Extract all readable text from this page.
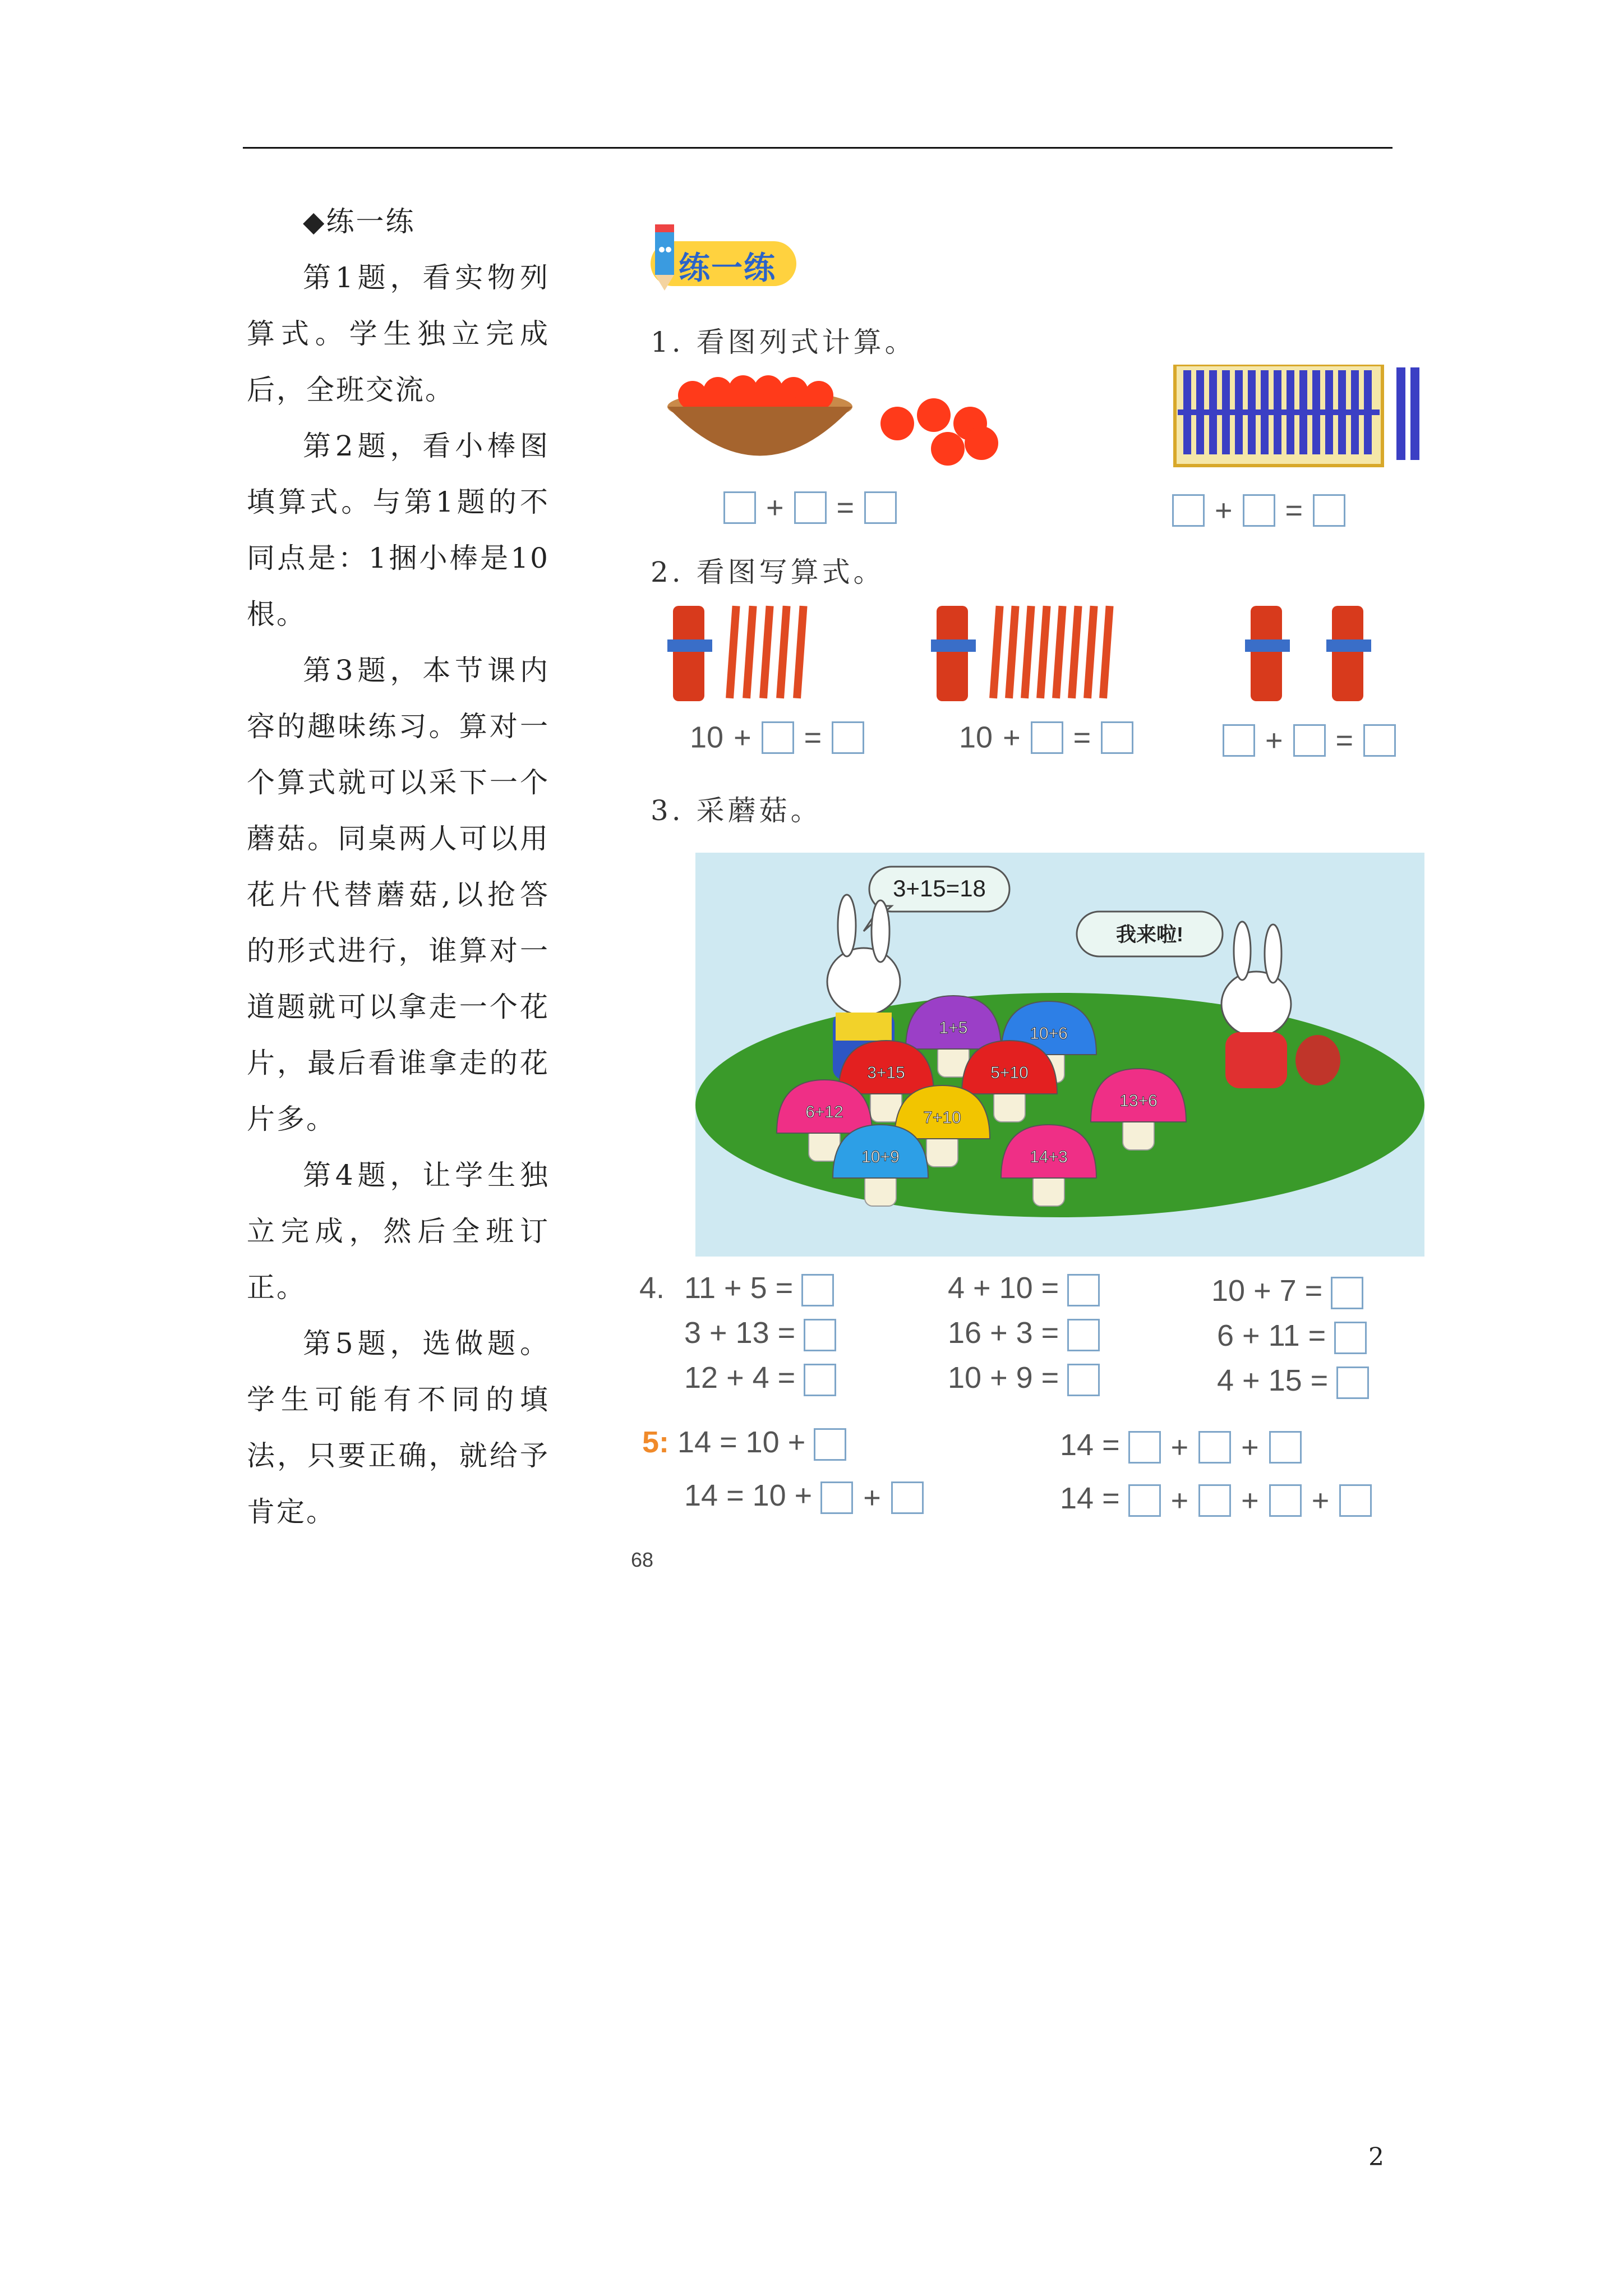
◆练一练

第1题，看实物列算式。学生独立完成后，全班交流。

第2题，看小棒图填算式。与第1题的不同点是：1捆小棒是10根。

第3题，本节课内容的趣味练习。算对一个算式就可以采下一个蘑菇。同桌两人可以用花片代替蘑菇,以抢答的形式进行，谁算对一道题就可以拿走一个花片，最后看谁拿走的花片多。

第4题，让学生独立完成，然后全班订正。

第5题，选做题。学生可能有不同的填法，只要正确，就给予肯定。

练一练
1. 看图列式计算。
+ =	+ =
2. 看图写算式。
10 + =	10 + =	+ =
3. 采蘑菇。
3+15=18
我来啦!
1+5	10+6
3+15	5+10
6+12	7+10
13+6
10+9	14+3
4. 11 + 5 =	4 + 10 =	10 + 7 =
3 + 13 =	16 + 3 =	6 + 11 =
12 + 4 =	10 + 9 =	4 + 15 =
5: 14 = 10 +
14 = 10 + +
14 = + +
14 = + + +
68
2
